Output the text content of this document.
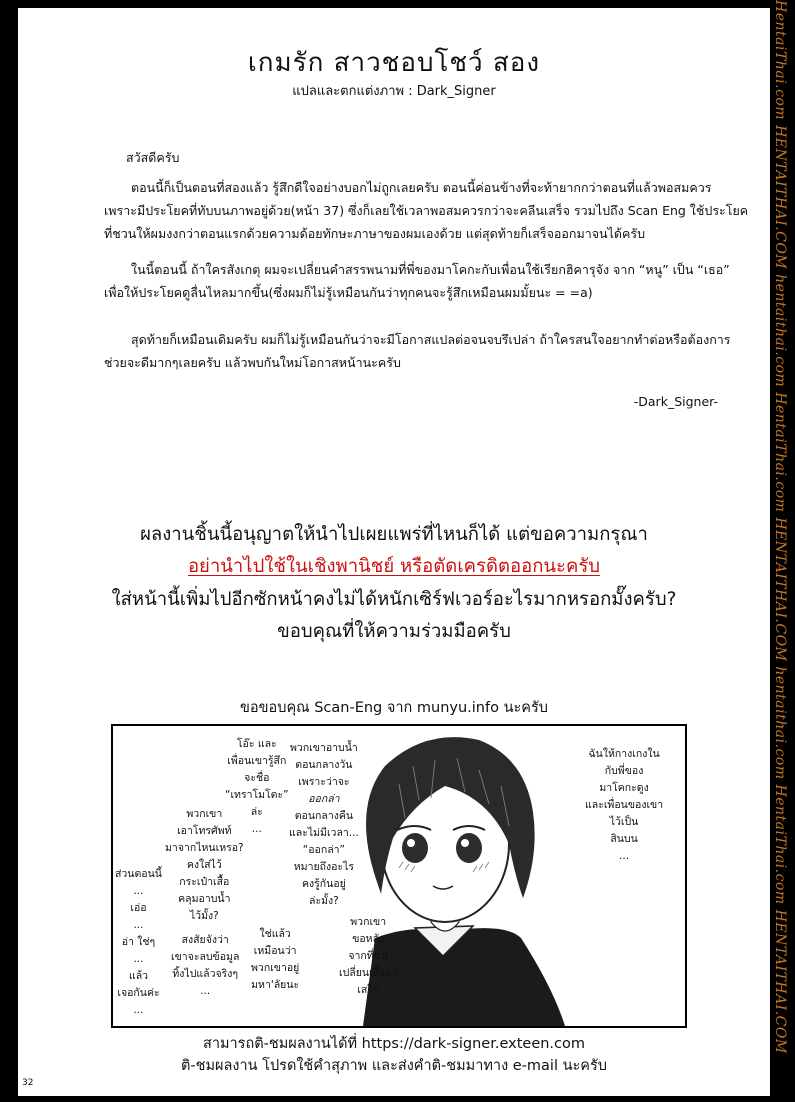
เกมรัก สาวชอบโชว์ สอง
แปลและตกแต่งภาพ : Dark_Signer
สวัสดีครับ
ตอนนี้ก็เป็นตอนที่สองแล้ว รู้สึกดีใจอย่างบอกไม่ถูกเลยครับ ตอนนี้ค่อนข้างที่จะท้ายากกว่าตอนที่แล้วพอสมควร
เพราะมีประโยคที่ทับบนภาพอยู่ด้วย(หน้า 37) ซึ่งก็เลยใช้เวลาพอสมควรกว่าจะคลีนเสร็จ รวมไปถึง Scan Eng ใช้ประโยค
ที่ชวนให้ผมงงกว่าตอนแรกด้วยความด้อยทักษะภาษาของผมเองด้วย แต่สุดท้ายก็เสร็จออกมาจนได้ครับ
ในนี้ตอนนี้ ถ้าใครสังเกตุ ผมจะเปลี่ยนคำสรรพนามที่พี่ของมาโคกะกับเพื่อนใช้เรียกฮิคารุจัง จาก “หนู” เป็น “เธอ”
เพื่อให้ประโยคดูลื่นไหลมากขึ้น(ซึ่งผมก็ไม่รู้เหมือนกันว่าทุกคนจะรู้สึกเหมือนผมมั้ยนะ = =a)
สุดท้ายก็เหมือนเดิมครับ ผมก็ไม่รู้เหมือนกันว่าจะมีโอกาสแปลต่อจนจบรึเปล่า ถ้าใครสนใจอยากทำต่อหรือต้องการ
ช่วยจะดีมากๆเลยครับ แล้วพบกันใหม่โอกาสหน้านะครับ
-Dark_Signer-
ผลงานชิ้นนี้อนุญาตให้นำไปเผยแพร่ที่ไหนก็ได้ แต่ขอความกรุณา
อย่านำไปใช้ในเชิงพานิชย์ หรือตัดเครดิตออกนะครับ
ใส่หน้านี้เพิ่มไปอีกซักหน้าคงไม่ได้หนักเซิร์ฟเวอร์อะไรมากหรอกมั๊งครับ?
ขอบคุณที่ให้ความร่วมมือครับ
ขอขอบคุณ Scan-Eng จาก munyu.info นะครับ
โอ๊ะ และ
เพื่อนเขารู้สึก
จะชื่อ
“เทราโมโตะ”
ล่ะ
...
พวกเขาอาบน้ำ
ตอนกลางวัน
เพราะว่าจะ
ออกล่า
ตอนกลางคืน
และไม่มีเวลา...
“ออกล่า”
หมายถึงอะไร
คงรู้กันอยู่
ล่ะมั้ง?
ฉันให้กางเกงใน
กับพี่ของ
มาโคกะดูง
และเพื่อนของเขา
ไว้เป็น
สินบน
...
พวกเขา
เอาโทรศัพท์
มาจากไหนเหรอ?
คงใส่ไว้
กระเป๋าเสื้อ
คลุมอาบน้ำ
ไว้มั้ง?
ส่วนตอนนี้
...
เอ่อ
...
อ่า ใช่ๆ
...
แล้ว
เจอกันค่ะ
...
สงสัยจังว่า
เขาจะลบข้อมูล
ทิ้งไปแล้วจริงๆ
...
ใช่แล้ว
เหมือนว่า
พวกเขาอยู่
มหา'ลัยนะ
พวกเขา
ขอหลัง
จากที่ฉัน
เปลี่ยนเสื้อผ้า
เสร็จ
สามารถติ-ชมผลงานได้ที่ https://dark-signer.exteen.com
ติ-ชมผลงาน โปรดใช้คำสุภาพ และส่งคำติ-ชมมาทาง e-mail นะครับ
32
HentaiThai.com HENTAITHAI.COM hentaithai.com HentaiThai.com HENTAITHAI.COM hentaithai.com HentaiThai.com HENTAITHAI.COM
